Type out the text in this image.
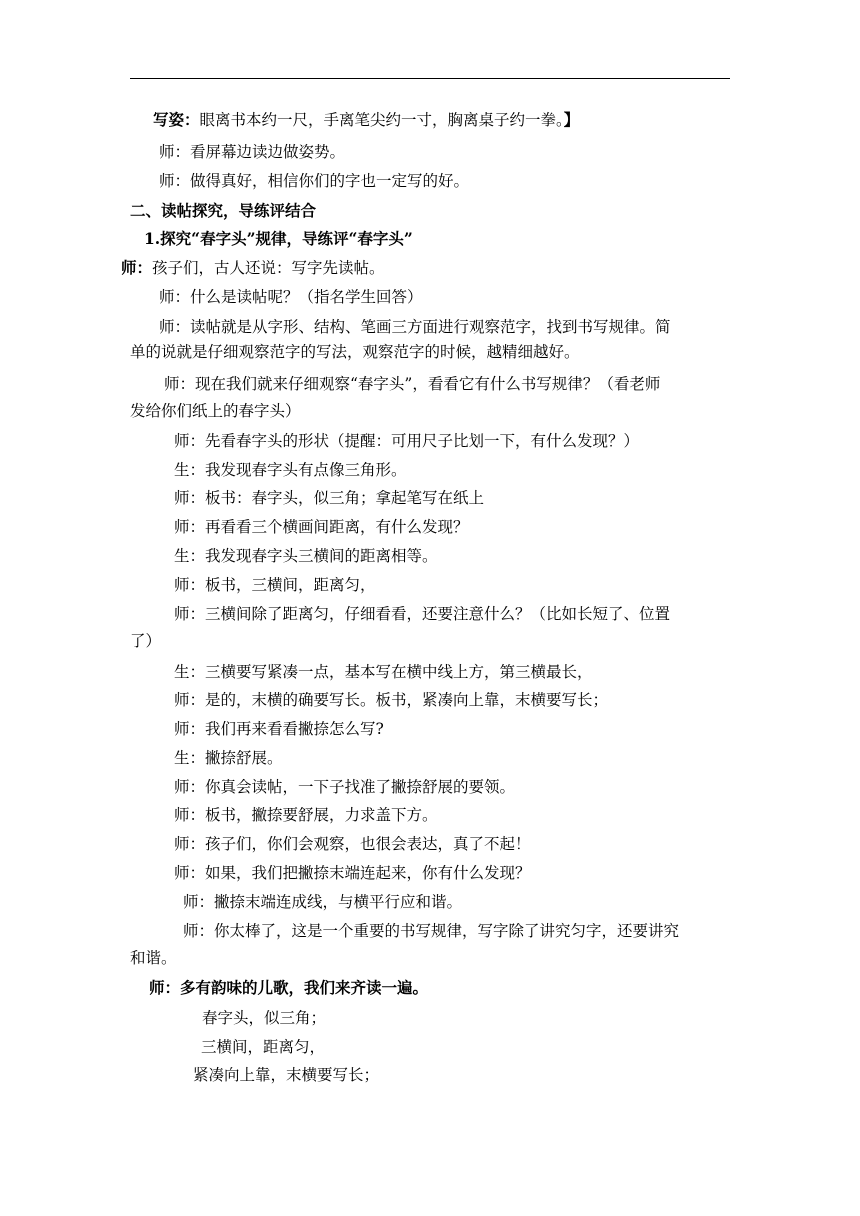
写姿：眼离书本约一尺，手离笔尖约一寸，胸离桌子约一拳。】
师：看屏幕边读边做姿势。
师：做得真好，相信你们的字也一定写的好。
二、读帖探究，导练评结合
1.探究“春字头”规律，导练评“春字头”
师：孩子们，古人还说：写字先读帖。
师：什么是读帖呢？（指名学生回答）
师：读帖就是从字形、结构、笔画三方面进行观察范字，找到书写规律。简
单的说就是仔细观察范字的写法，观察范字的时候，越精细越好。
师：现在我们就来仔细观察“春字头”，看看它有什么书写规律？（看老师
发给你们纸上的春字头）
师：先看春字头的形状（提醒：可用尺子比划一下，有什么发现？）
生：我发现春字头有点像三角形。
师：板书：春字头，似三角；拿起笔写在纸上
师：再看看三个横画间距离，有什么发现？
生：我发现春字头三横间的距离相等。
师：板书，三横间，距离匀，
师：三横间除了距离匀，仔细看看，还要注意什么？（比如长短了、位置
了）
生：三横要写紧凑一点，基本写在横中线上方，第三横最长，
师：是的，末横的确要写长。板书，紧凑向上靠，末横要写长；
师：我们再来看看撇捺怎么写?
生：撇捺舒展。
师：你真会读帖，一下子找准了撇捺舒展的要领。
师：板书，撇捺要舒展，力求盖下方。
师：孩子们，你们会观察，也很会表达，真了不起！
师：如果，我们把撇捺末端连起来，你有什么发现？
师：撇捺末端连成线，与横平行应和谐。
师：你太棒了，这是一个重要的书写规律，写字除了讲究匀字，还要讲究
和谐。
师：多有韵味的儿歌，我们来齐读一遍。
春字头，似三角；
三横间，距离匀，
紧凑向上靠，末横要写长；
